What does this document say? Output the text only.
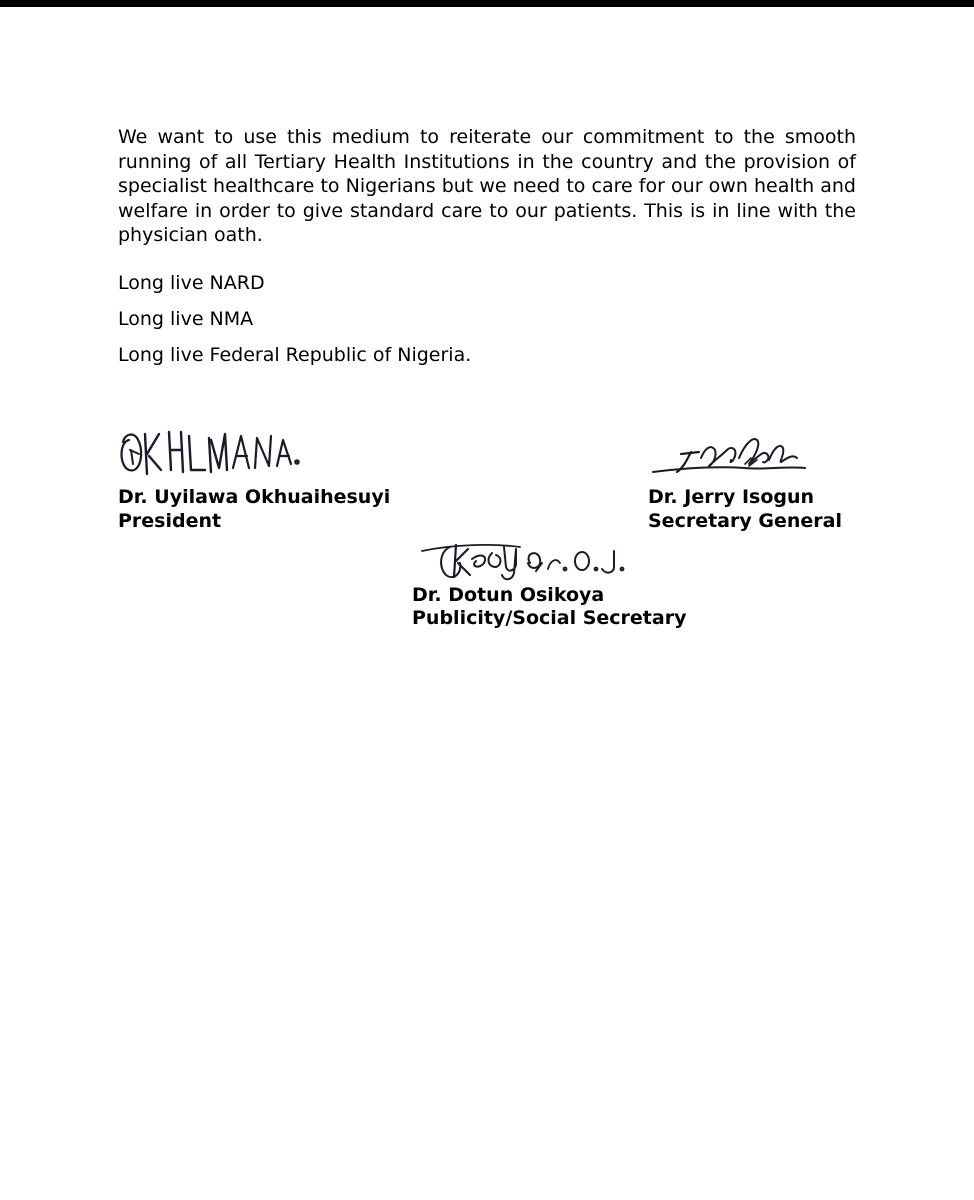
We want to use this medium to reiterate our commitment to the smooth running of all Tertiary Health Institutions in the country and the provision of specialist healthcare to Nigerians but we need to care for our own health and welfare in order to give standard care to our patients. This is in line with the physician oath.

Long live NARD

Long live NMA

Long live Federal Republic of Nigeria.

Dr. Uyilawa Okhuaihesuyi

President

Dr. Jerry Isogun

Secretary General

Dr. Dotun Osikoya

Publicity/Social Secretary
